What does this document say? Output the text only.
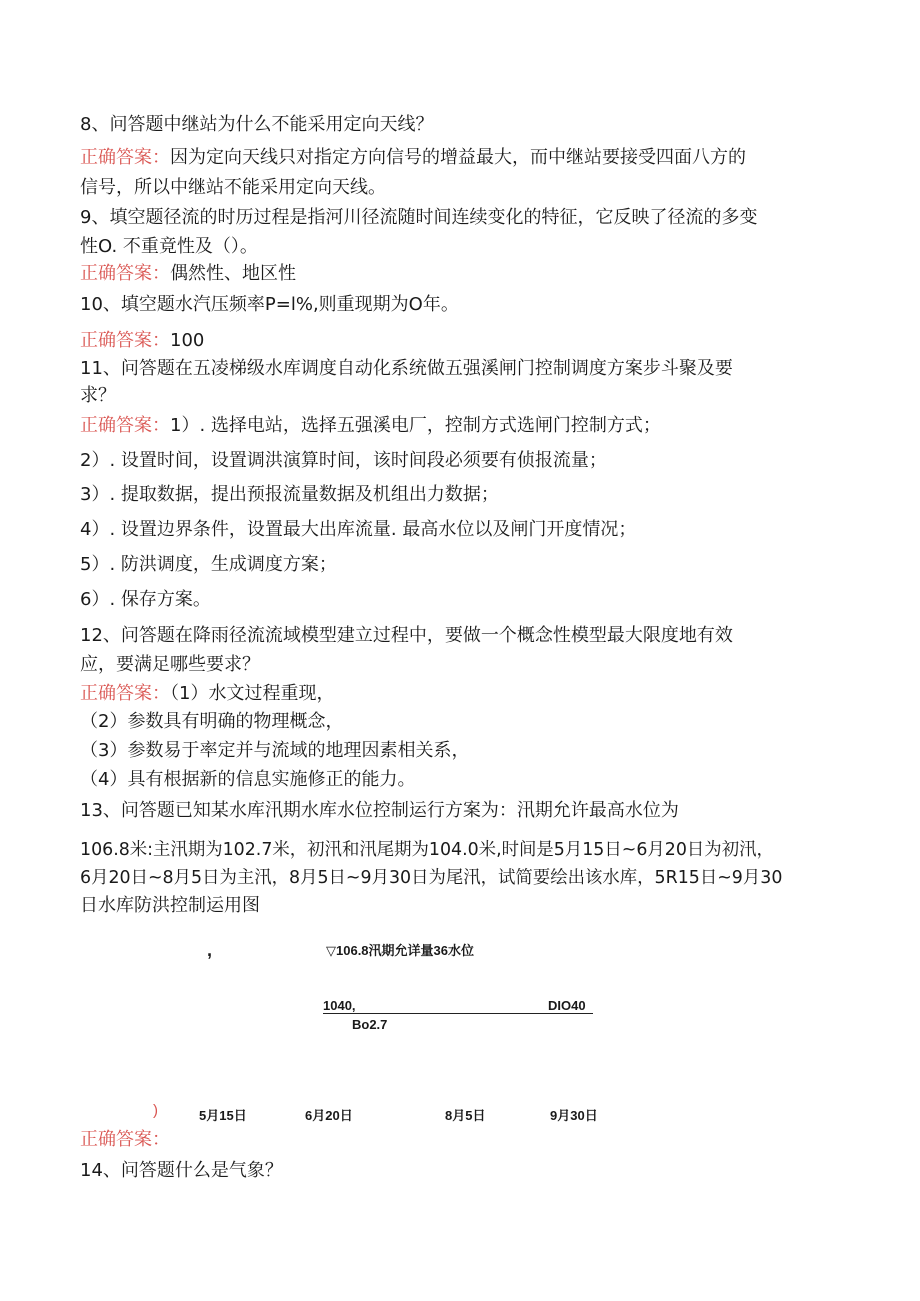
8、问答题中继站为什么不能采用定向天线？
正确答案：因为定向天线只对指定方向信号的增益最大，而中继站要接受四面八方的
信号，所以中继站不能采用定向天线。
9、填空题径流的时历过程是指河川径流随时间连续变化的特征，它反映了径流的多变
性O. 不重竟性及（）。
正确答案：偶然性、地区性
10、填空题水汽压频率P=l%,则重现期为O年。
正确答案：100
11、问答题在五凌梯级水库调度自动化系统做五强溪闸门控制调度方案步斗聚及要
求？
正确答案：1）. 选择电站，选择五强溪电厂，控制方式选闸门控制方式；
2）. 设置时间，设置调洪演算时间，该时间段必须要有侦报流量；
3）. 提取数据，提出预报流量数据及机组出力数据；
4）. 设置边界条件，设置最大出库流量. 最高水位以及闸门开度情况；
5）. 防洪调度，生成调度方案；
6）. 保存方案。
12、问答题在降雨径流流域模型建立过程中，要做一个概念性模型最大限度地有效
应，要满足哪些要求？
正确答案：（1）水文过程重现，
（2）参数具有明确的物理概念，
（3）参数易于率定并与流域的地理因素相关系，
（4）具有根据新的信息实施修正的能力。
13、问答题已知某水库汛期水库水位控制运行方案为：汛期允许最高水位为
106.8米:主汛期为102.7米，初汛和汛尾期为104.0米,时间是5月15日~6月20日为初汛，
6月20日~8月5日为主汛，8月5日~9月30日为尾汛，试简要绘出该水库，5R15日~9月30
日水库防洪控制运用图
,	▽106.8汛期允详量36水位
1040,	DIO40
Bo2.7
)	5月15日	6月20日	8月5日	9月30日
正确答案：
14、问答题什么是气象？
